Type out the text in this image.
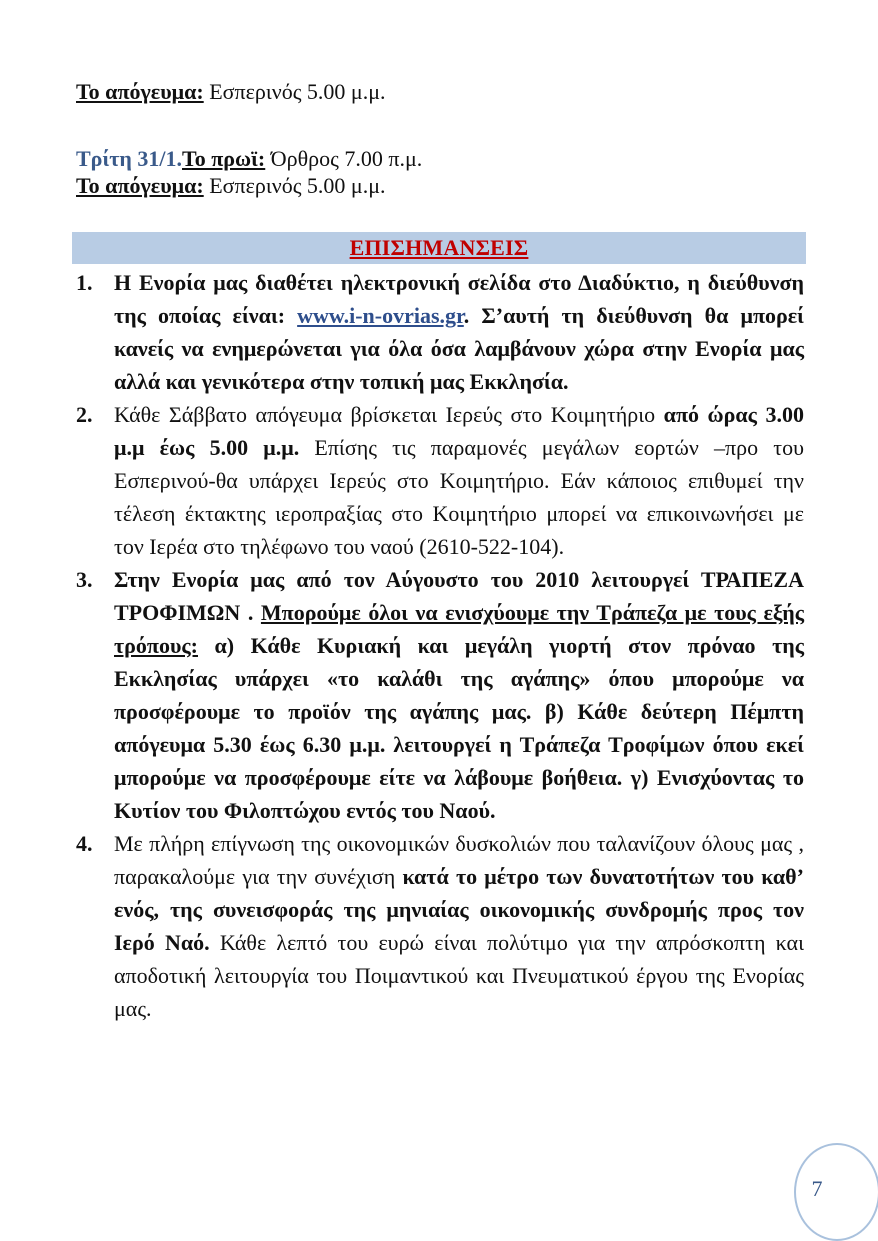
Το απόγευμα: Εσπερινός 5.00 μ.μ.
Τρίτη 31/1.Το πρωϊ: Όρθρος 7.00 π.μ.
Το απόγευμα: Εσπερινός 5.00 μ.μ.
ΕΠΙΣΗΜΑΝΣΕΙΣ
1. Η Ενορία μας διαθέτει ηλεκτρονική σελίδα στο Διαδύκτιο, η διεύθυνση της οποίας είναι: www.i-n-ovrias.gr. Σ’αυτή τη διεύθυνση θα μπορεί κανείς να ενημερώνεται για όλα όσα λαμβάνουν χώρα στην Ενορία μας αλλά και γενικότερα στην τοπική μας Εκκλησία.
2. Κάθε Σάββατο απόγευμα βρίσκεται Ιερεύς στο Κοιμητήριο από ώρας 3.00 μ.μ έως 5.00 μ.μ. Επίσης τις παραμονές μεγάλων εορτών –προ του Εσπερινού-θα υπάρχει Ιερεύς στο Κοιμητήριο. Εάν κάποιος επιθυμεί την τέλεση έκτακτης ιεροπραξίας στο Κοιμητήριο μπορεί να επικοινωνήσει με τον Ιερέα στο τηλέφωνο του ναού (2610-522-104).
3. Στην Ενορία μας από τον Αύγουστο του 2010 λειτουργεί ΤΡΑΠΕΖΑ ΤΡΟΦΙΜΩΝ . Μπορούμε όλοι να ενισχύουμε την Τράπεζα με τους εξής τρόπους: α) Κάθε Κυριακή και μεγάλη γιορτή στον πρόναο της Εκκλησίας υπάρχει «το καλάθι της αγάπης» όπου μπορούμε να προσφέρουμε το προϊόν της αγάπης μας. β) Κάθε δεύτερη Πέμπτη απόγευμα 5.30 έως 6.30 μ.μ. λειτουργεί η Τράπεζα Τροφίμων όπου εκεί μπορούμε να προσφέρουμε είτε να λάβουμε βοήθεια. γ) Ενισχύοντας το Κυτίον του Φιλοπτώχου εντός του Ναού.
4. Με πλήρη επίγνωση της οικονομικών δυσκολιών που ταλανίζουν όλους μας , παρακαλούμε για την συνέχιση κατά το μέτρο των δυνατοτήτων του καθ’ ενός, της συνεισφοράς της μηνιαίας οικονομικής συνδρομής προς τον Ιερό Ναό. Κάθε λεπτό του ευρώ είναι πολύτιμο για την απρόσκοπτη και αποδοτική λειτουργία του Ποιμαντικού και Πνευματικού έργου της Ενορίας μας.
7
